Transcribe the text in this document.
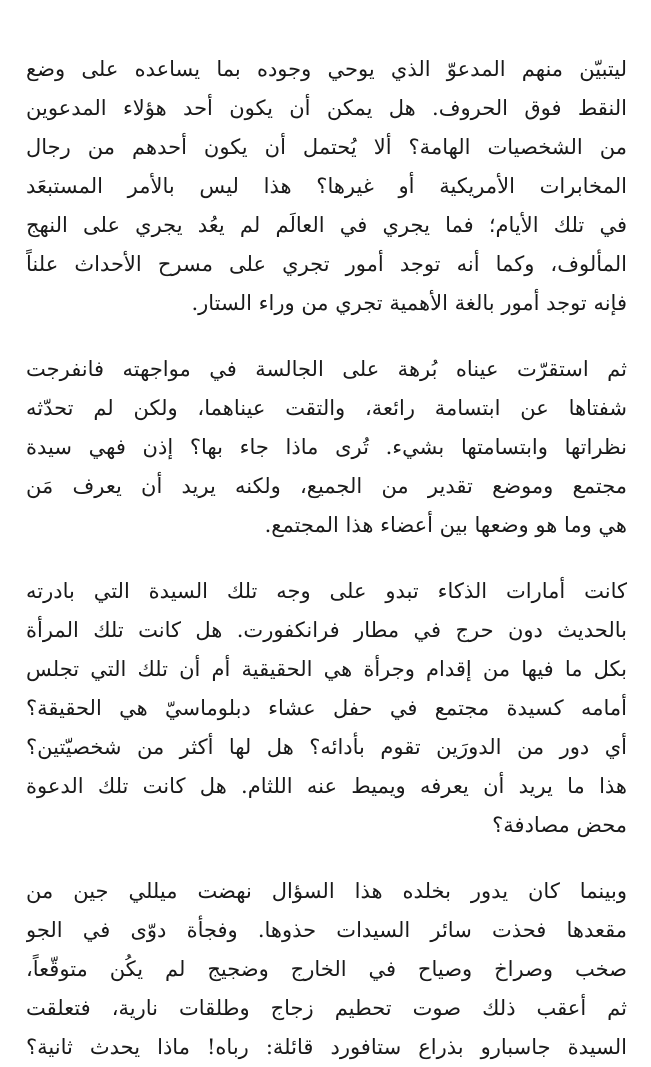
ليتبيّن منهم المدعوّ الذي يوحي وجوده بما يساعده على وضع
النقط فوق الحروف. هل يمكن أن يكون أحد هؤلاء المدعوين
من الشخصيات الهامة؟ ألا يُحتمل أن يكون أحدهم من رجال
المخابرات الأمريكية أو غيرها؟ هذا ليس بالأمر المستبعَد
في تلك الأيام؛ فما يجري في العالَم لم يعُد يجري على النهج
المألوف، وكما أنه توجد أمور تجري على مسرح الأحداث علناً
فإنه توجد أمور بالغة الأهمية تجري من وراء الستار.
ثم استقرّت عيناه بُرهة على الجالسة في مواجهته فانفرجت
شفتاها عن ابتسامة رائعة، والتقت عيناهما، ولكن لم تحدّثه
نظراتها وابتسامتها بشيء. تُرى ماذا جاء بها؟ إذن فهي سيدة
مجتمع وموضع تقدير من الجميع، ولكنه يريد أن يعرف مَن
هي وما هو وضعها بين أعضاء هذا المجتمع.
كانت أمارات الذكاء تبدو على وجه تلك السيدة التي بادرته
بالحديث دون حرج في مطار فرانكفورت. هل كانت تلك المرأة
بكل ما فيها من إقدام وجرأة هي الحقيقية أم أن تلك التي تجلس
أمامه كسيدة مجتمع في حفل عشاء دبلوماسيّ هي الحقيقة؟
أي دور من الدورَين تقوم بأدائه؟ هل لها أكثر من شخصيّتين؟
هذا ما يريد أن يعرفه ويميط عنه اللثام. هل كانت تلك الدعوة
محض مصادفة؟
وبينما كان يدور بخلده هذا السؤال نهضت ميللي جين من
مقعدها فحذت سائر السيدات حذوها. وفجأة دوّى في الجو
صخب وصراخ وصياح في الخارج وضجيج لم يكُن متوقّعاً،
ثم أعقب ذلك صوت تحطيم زجاج وطلقات نارية، فتعلقت
السيدة جاسبارو بذراع ستافورد قائلة: رباه! ماذا يحدث ثانية؟
